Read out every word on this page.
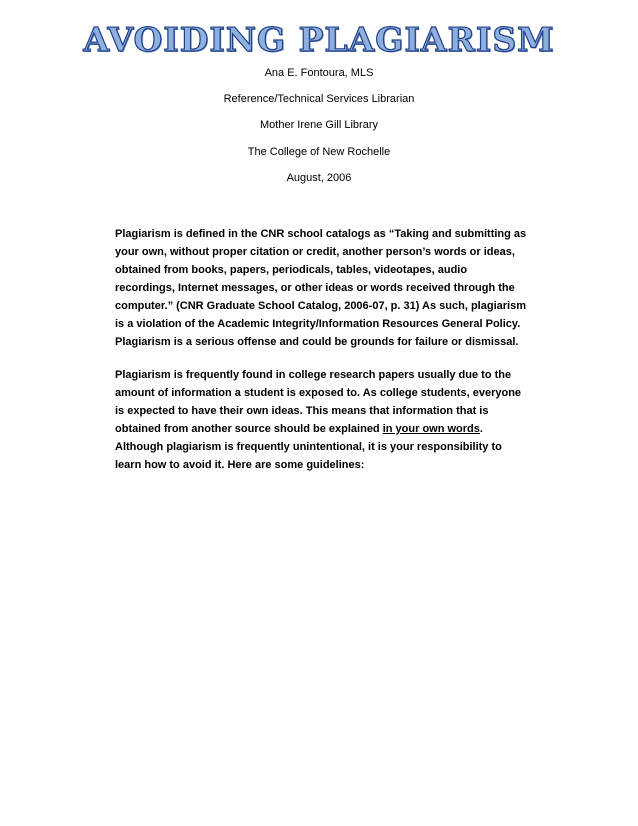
AVOIDING PLAGIARISM
Ana E. Fontoura, MLS
Reference/Technical Services Librarian
Mother Irene Gill Library
The College of New Rochelle
August, 2006

Plagiarism is defined in the CNR school catalogs as “Taking and submitting as your own, without proper citation or credit, another person’s words or ideas, obtained from books, papers, periodicals, tables, videotapes, audio recordings, Internet messages, or other ideas or words received through the computer.” (CNR Graduate School Catalog, 2006-07, p. 31) As such, plagiarism is a violation of the Academic Integrity/Information Resources General Policy. Plagiarism is a serious offense and could be grounds for failure or dismissal.

Plagiarism is frequently found in college research papers usually due to the amount of information a student is exposed to. As college students, everyone is expected to have their own ideas. This means that information that is obtained from another source should be explained in your own words. Although plagiarism is frequently unintentional, it is your responsibility to learn how to avoid it. Here are some guidelines:
